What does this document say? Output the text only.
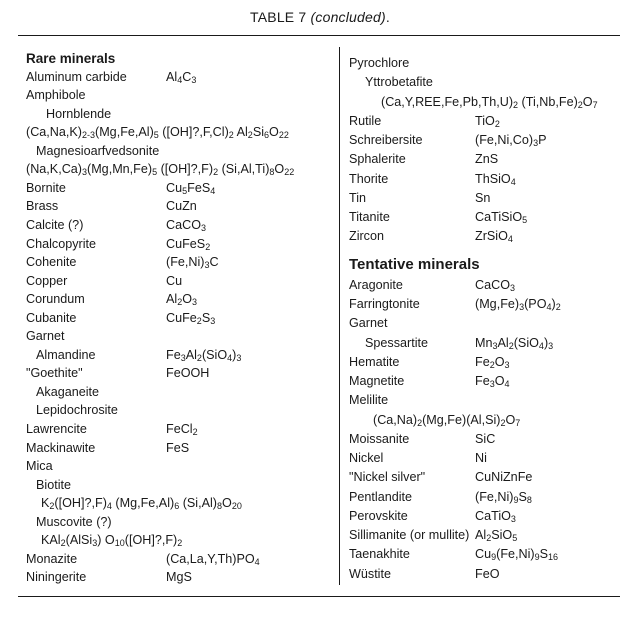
TABLE 7 (concluded).
Rare minerals
Aluminum carbide	$Al_4C_3$
Amphibole
Hornblende
$(Ca,Na,K)_{2-3}(Mg,Fe,Al)_5$ $([OH]?,F,Cl)_2$ $Al_2Si_6O_{22}$
Magnesioarfvedsonite
$(Na,K,Ca)_3(Mg,Mn,Fe)_5$ $([OH]?,F)_2$ $(Si,Al,Ti)_8O_{22}$
Bornite	$Cu_5FeS_4$
Brass	CuZn
Calcite (?)	CaCO$_3$
Chalcopyrite	CuFeS$_2$
Cohenite	$(Fe,Ni)_3C$
Copper	Cu
Corundum	$Al_2O_3$
Cubanite	$CuFe_2S_3$
Garnet
Almandine	$Fe_3Al_2(SiO_4)_3$
"Goethite"	FeOOH
Akaganeite
Lepidochrosite
Lawrencite	FeCl$_2$
Mackinawite	FeS
Mica
Biotite
$K_2([OH]?,F)_4$ $(Mg,Fe,Al)_6$ $(Si,Al)_8O_{20}$
Muscovite (?)
KAl$_2$(AlSi$_3$) $O_{10}([OH]?,F)_2$
Monazite	$(Ca,La,Y,Th)PO_4$
Niningerite	MgS
Pyrochlore
Yttrobetafite
$(Ca,Y,REE,Fe,Pb,Th,U)_2$ $(Ti,Nb,Fe)_2O_7$
Rutile	TiO$_2$
Schreibersite	$(Fe,Ni,Co)_3P$
Sphalerite	ZnS
Thorite	ThSiO$_4$
Tin	Sn
Titanite	CaTiSiO$_5$
Zircon	ZrSiO$_4$
Tentative minerals
Aragonite	CaCO$_3$
Farringtonite	$(Mg,Fe)_3(PO_4)_2$
Garnet
Spessartite	$Mn_3Al_2(SiO_4)_3$
Hematite	$Fe_2O_3$
Magnetite	$Fe_3O_4$
Melilite
$(Ca,Na)_2(Mg,Fe)(Al,Si)_2O_7$
Moissanite	SiC
Nickel	Ni
"Nickel silver"	CuNiZnFe
Pentlandite	$(Fe,Ni)_9S_8$
Perovskite	CaTiO$_3$
Sillimanite (or mullite) $Al_2SiO_5$
Taenakhite	$Cu_9(Fe,Ni)_9S_{16}$
Wüstite	FeO
